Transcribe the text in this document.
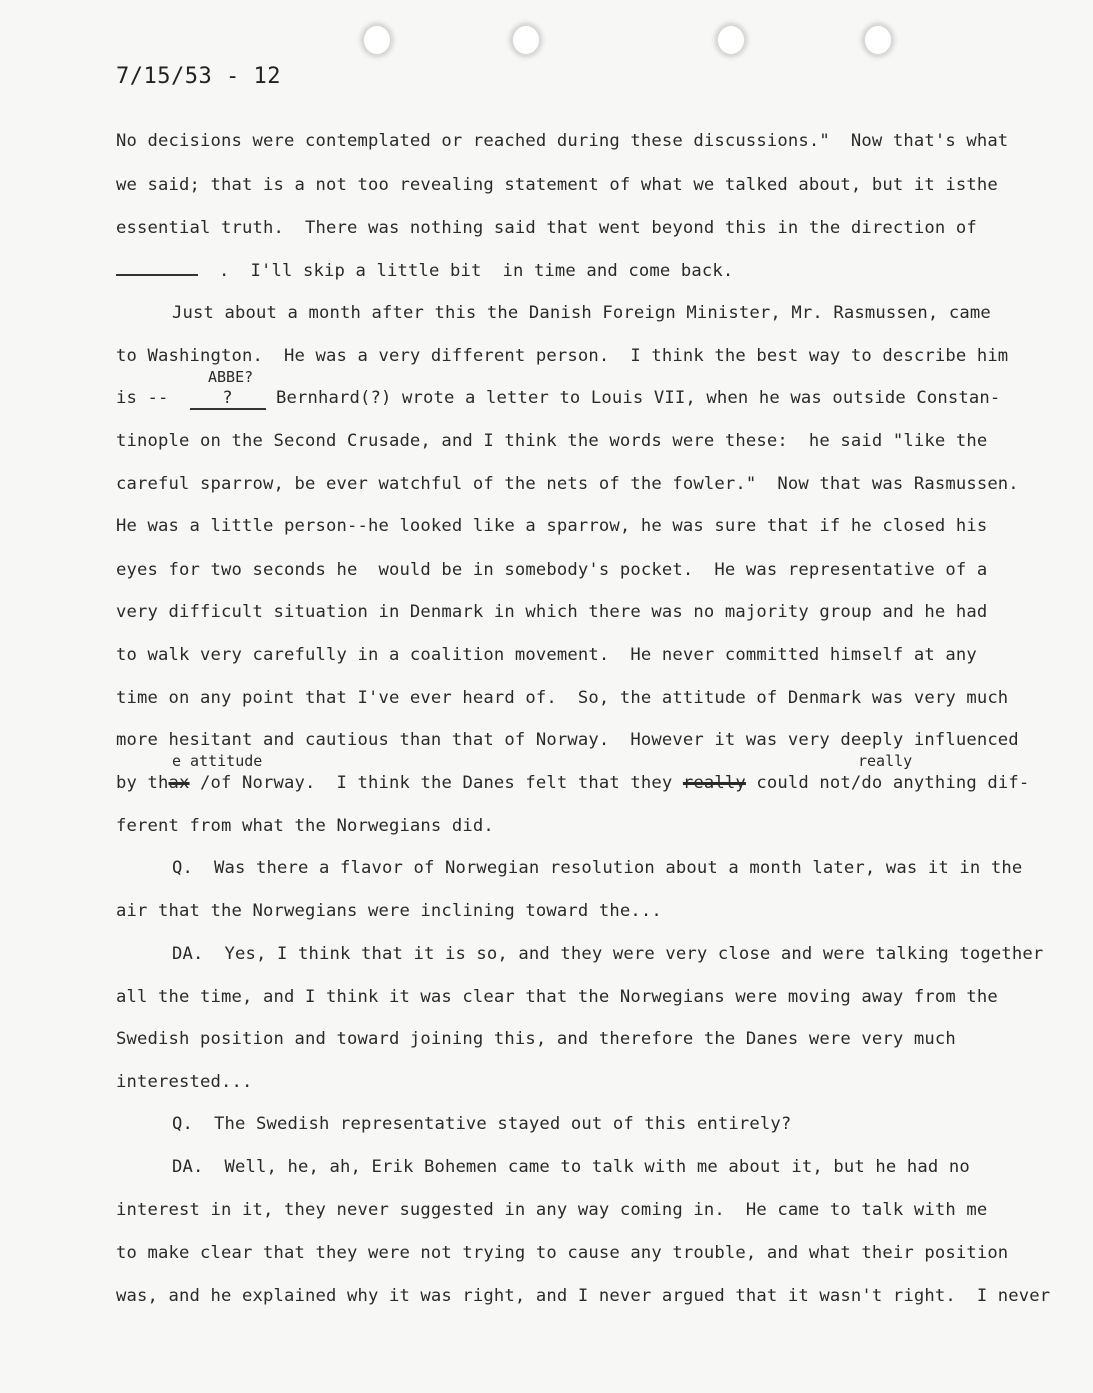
7/15/53 - 12
No decisions were contemplated or reached during these discussions."  Now that's what
we said; that is a not too revealing statement of what we talked about, but it isthe
essential truth.  There was nothing said that went beyond this in the direction of
.  I'll skip a little bit  in time and come back.
Just about a month after this the Danish Foreign Minister, Mr. Rasmussen, came
to Washington.  He was a very different person.  I think the best way to describe him
ABBE?
is --	?	Bernhard(?) wrote a letter to Louis VII, when he was outside Constan-
tinople on the Second Crusade, and I think the words were these:  he said "like the
careful sparrow, be ever watchful of the nets of the fowler."  Now that was Rasmussen.
He was a little person--he looked like a sparrow, he was sure that if he closed his
eyes for two seconds he  would be in somebody's pocket.  He was representative of a
very difficult situation in Denmark in which there was no majority group and he had
to walk very carefully in a coalition movement.  He never committed himself at any
time on any point that I've ever heard of.  So, the attitude of Denmark was very much
more hesitant and cautious than that of Norway.  However it was very deeply influenced
e attitude	really
by thax /of Norway.  I think the Danes felt that they really could not/do anything dif-
ferent from what the Norwegians did.
Q.  Was there a flavor of Norwegian resolution about a month later, was it in the
air that the Norwegians were inclining toward the...
DA.  Yes, I think that it is so, and they were very close and were talking together
all the time, and I think it was clear that the Norwegians were moving away from the
Swedish position and toward joining this, and therefore the Danes were very much
interested...
Q.  The Swedish representative stayed out of this entirely?
DA.  Well, he, ah, Erik Bohemen came to talk with me about it, but he had no
interest in it, they never suggested in any way coming in.  He came to talk with me
to make clear that they were not trying to cause any trouble, and what their position
was, and he explained why it was right, and I never argued that it wasn't right.  I never
